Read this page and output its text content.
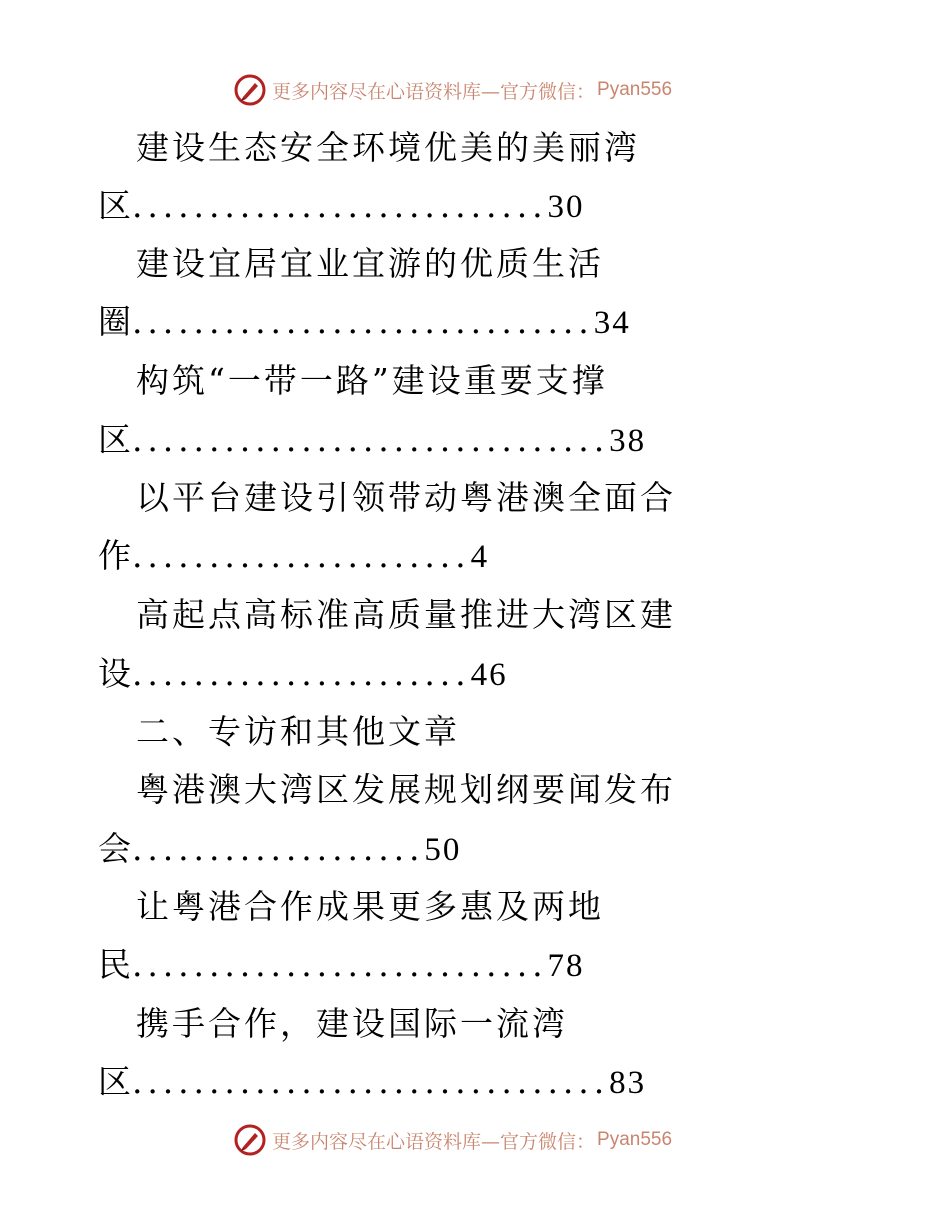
更多内容尽在心语资料库—官方微信： Pyan556
建设生态安全环境优美的美丽湾
区...........................30
建设宜居宜业宜游的优质生活
圈..............................34
构筑“一带一路”建设重要支撑
区...............................38
以平台建设引领带动粤港澳全面合
作......................4
高起点高标准高质量推进大湾区建
设......................46
二、专访和其他文章
粤港澳大湾区发展规划纲要闻发布
会...................50
让粤港合作成果更多惠及两地
民...........................78
携手合作，建设国际一流湾
区...............................83
更多内容尽在心语资料库—官方微信： Pyan556
